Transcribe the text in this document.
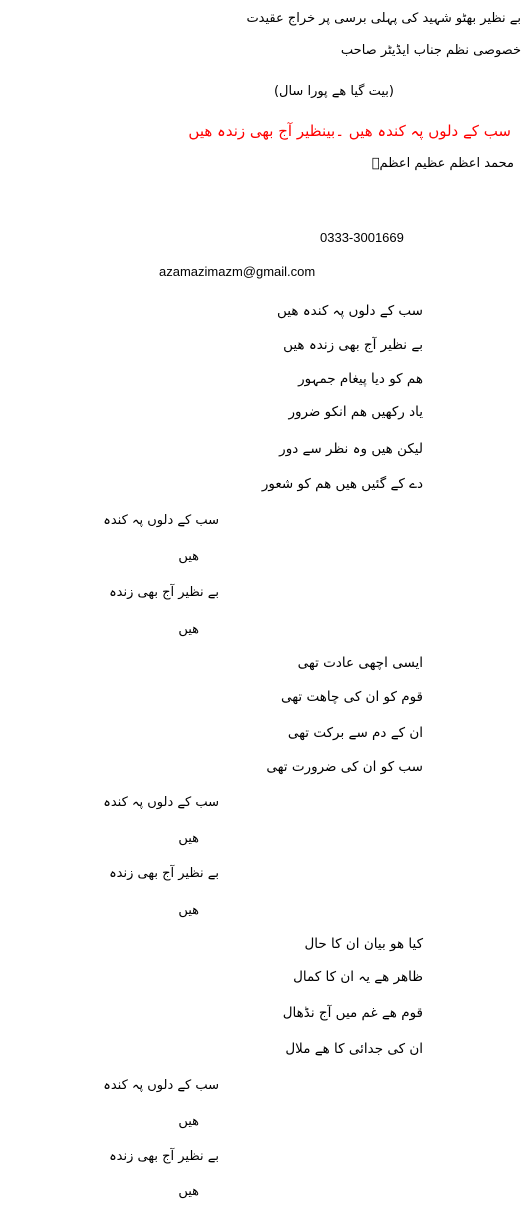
بے نظیر بھٹو شہید کی پہلی برسی پر خراج عقیدت
خصوصی نظم جناب ایڈیٹر صاحب
(بیت گیا ھے پورا سال)
سب کے دلوں پہ کندہ ھیں ۔بینظیر آج بھی زندہ ھیں
محمد اعظم عظیم اعظمؔ
0333-3001669
azamazimazm@gmail.com
سب کے دلوں پہ کندہ ھیں
بے نظیر آج بھی زندہ ھیں
ھم کو دیا پیغام جمہور
یاد رکھیں ھم انکو ضرور
لیکن ھیں وہ نظر سے دور
دے کے گئیں ھیں ھم کو شعور
سب کے دلوں پہ کندہ
ھیں
بے نظیر آج بھی زندہ
ھیں
ایسی اچھی عادت تھی
قوم کو ان کی چاھت تھی
ان کے دم سے برکت تھی
سب کو ان کی ضرورت تھی
سب کے دلوں پہ کندہ
ھیں
بے نظیر آج بھی زندہ
ھیں
کیا ھو بیان ان کا حال
ظاھر ھے یہ ان کا کمال
قوم ھے غم میں آج نڈھال
ان کی جدائی کا ھے ملال
سب کے دلوں پہ کندہ
ھیں
بے نظیر آج بھی زندہ
ھیں
